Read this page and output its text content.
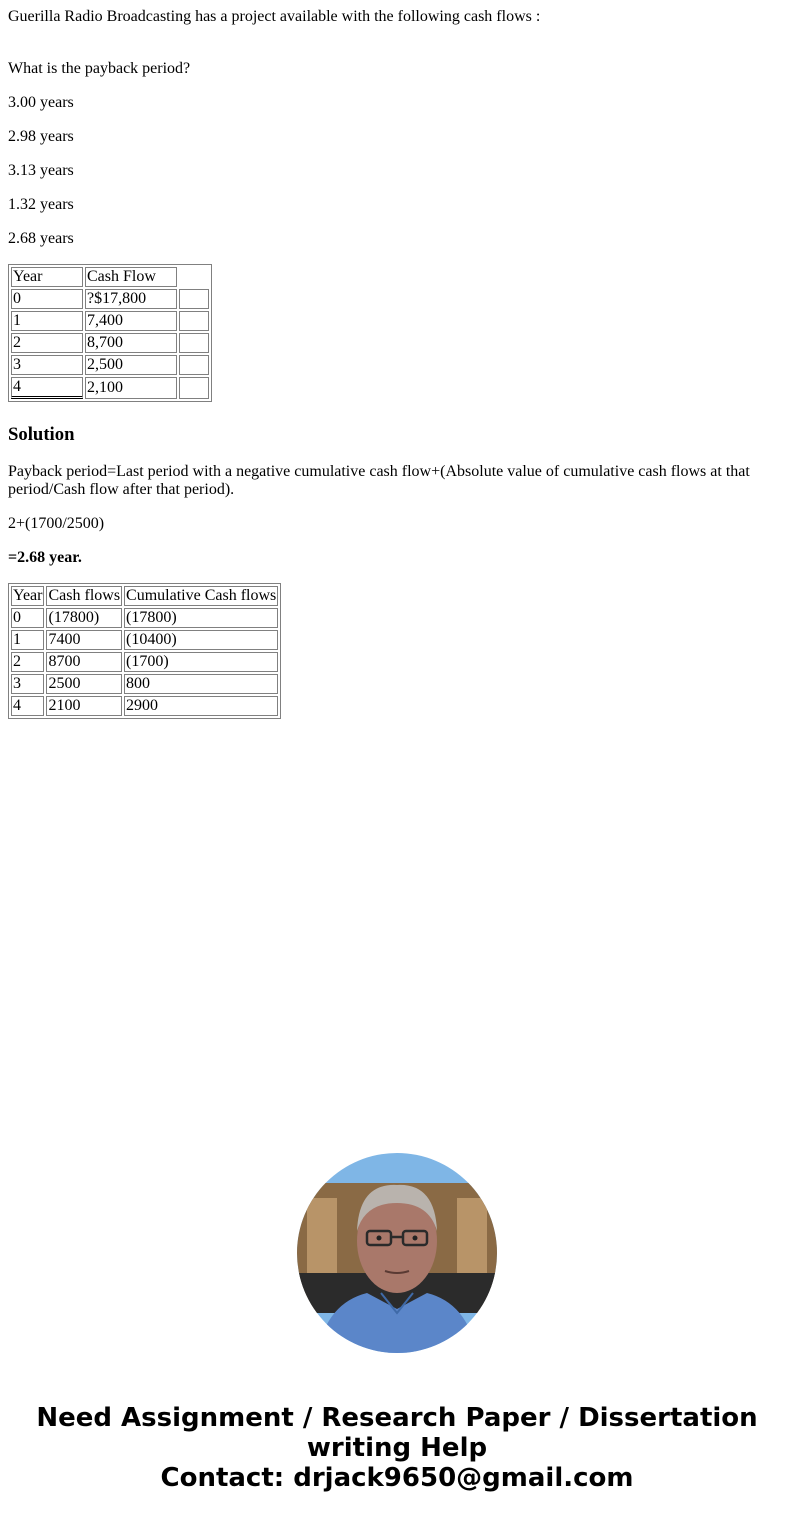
Guerilla Radio Broadcasting has a project available with the following cash flows :

What is the payback period?

3.00 years

2.98 years

3.13 years

1.32 years

2.68 years

Year	Cash Flow	
0	?$17,800	
1	7,400	
2	8,700	
3	2,500	
4	2,100	
Solution

Payback period=Last period with a negative cumulative cash flow+(Absolute value of cumulative cash flows at that period/Cash flow after that period).

2+(1700/2500)

=2.68 year.

Year	Cash flows	Cumulative Cash flows
0	(17800)	(17800)
1	7400	(10400)
2	8700	(1700)
3	2500	800
4	2100	2900
Need Assignment / Research Paper / Dissertation
writing Help
Contact: drjack9650@gmail.com
